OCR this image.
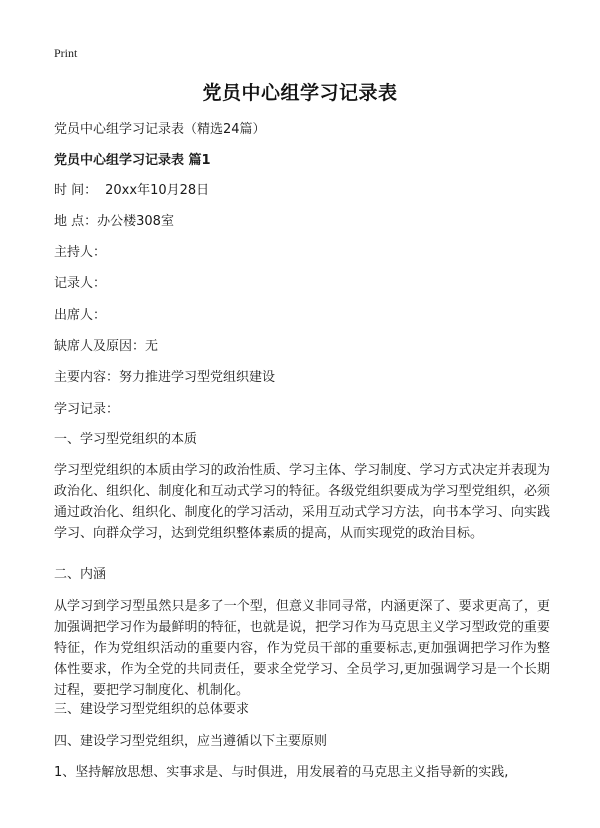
Print
党员中心组学习记录表
党员中心组学习记录表（精选24篇）
党员中心组学习记录表 篇1
时 间： 20xx年10月28日
地 点：办公楼308室
主持人：
记录人：
出席人：
缺席人及原因：无
主要内容：努力推进学习型党组织建设
学习记录：
一、学习型党组织的本质
学习型党组织的本质由学习的政治性质、学习主体、学习制度、学习方式决定并表现为政治化、组织化、制度化和互动式学习的特征。各级党组织要成为学习型党组织，必须通过政治化、组织化、制度化的学习活动，采用互动式学习方法，向书本学习、向实践学习、向群众学习，达到党组织整体素质的提高，从而实现党的政治目标。
二、内涵
从学习到学习型虽然只是多了一个型，但意义非同寻常，内涵更深了、要求更高了，更加强调把学习作为最鲜明的特征，也就是说，把学习作为马克思主义学习型政党的重要特征，作为党组织活动的重要内容，作为党员干部的重要标志,更加强调把学习作为整体性要求，作为全党的共同责任，要求全党学习、全员学习,更加强调学习是一个长期过程，要把学习制度化、机制化。
三、建设学习型党组织的总体要求
四、建设学习型党组织，应当遵循以下主要原则
1、坚持解放思想、实事求是、与时俱进，用发展着的马克思主义指导新的实践,
